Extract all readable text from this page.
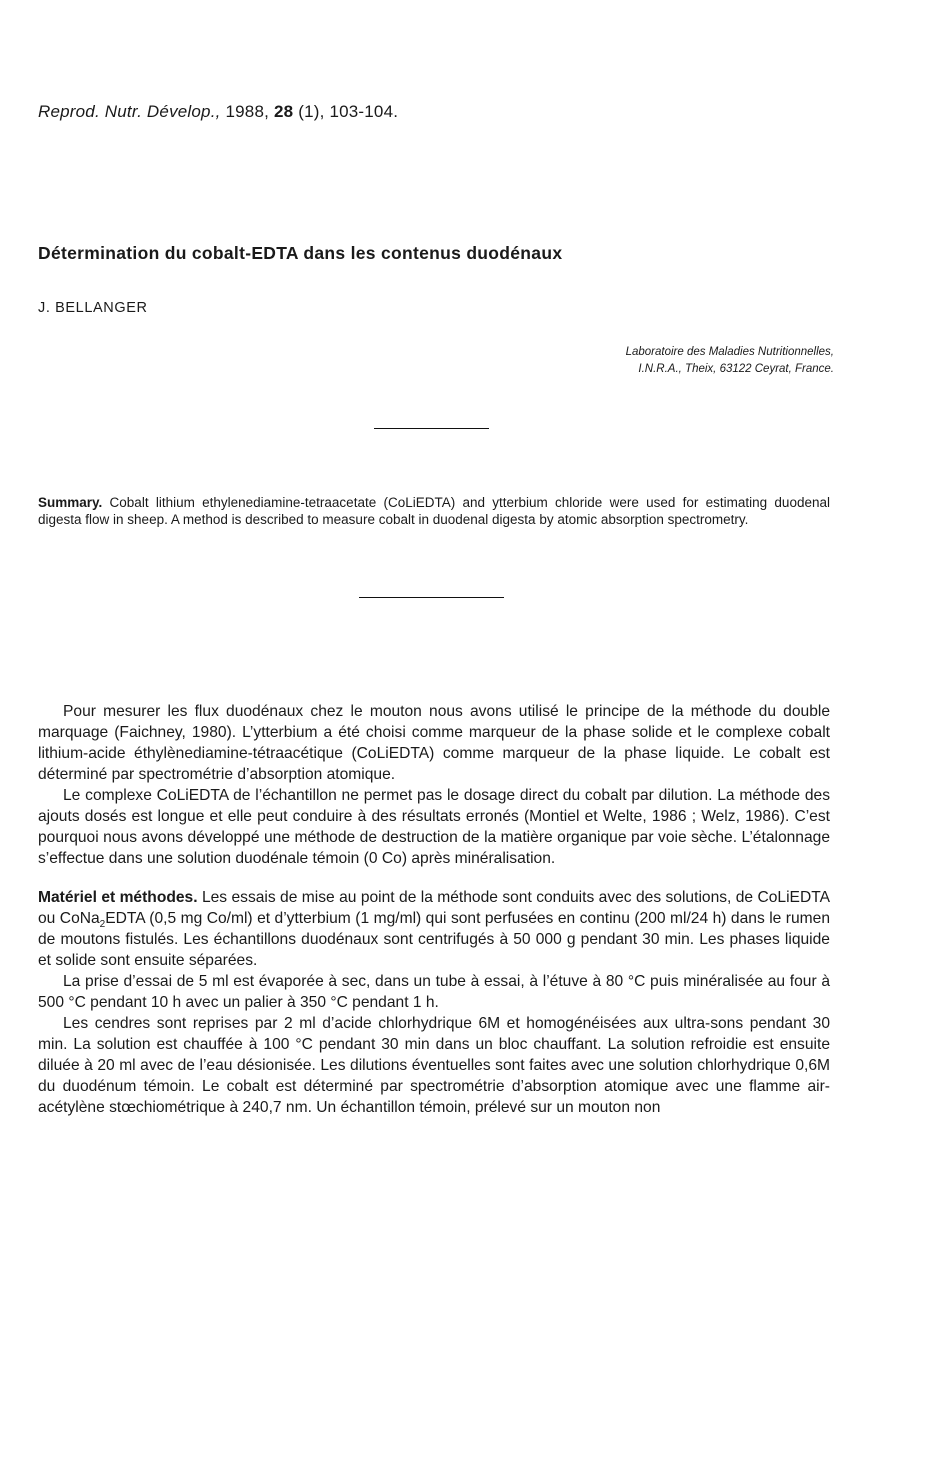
Reprod. Nutr. Dévelop., 1988, 28 (1), 103-104.
Détermination du cobalt-EDTA dans les contenus duodénaux
J. BELLANGER
Laboratoire des Maladies Nutritionnelles,
I.N.R.A., Theix, 63122 Ceyrat, France.
Summary. Cobalt lithium ethylenediamine-tetraacetate (CoLiEDTA) and ytterbium chloride were used for estimating duodenal digesta flow in sheep. A method is described to measure cobalt in duodenal digesta by atomic absorption spectrometry.

Pour mesurer les flux duodénaux chez le mouton nous avons utilisé le principe de la méthode du double marquage (Faichney, 1980). L’ytterbium a été choisi comme marqueur de la phase solide et le complexe cobalt lithium-acide éthylènediamine-tétraacétique (CoLiEDTA) comme marqueur de la phase liquide. Le cobalt est déterminé par spectrométrie d’absorption atomique.

Le complexe CoLiEDTA de l’échantillon ne permet pas le dosage direct du cobalt par dilution. La méthode des ajouts dosés est longue et elle peut conduire à des résultats erronés (Montiel et Welte, 1986 ; Welz, 1986). C’est pourquoi nous avons développé une méthode de destruction de la matière organique par voie sèche. L’étalonnage s’effectue dans une solution duodénale témoin (0 Co) après minéralisation.

Matériel et méthodes. Les essais de mise au point de la méthode sont conduits avec des solutions, de CoLiEDTA ou CoNa$_2$EDTA (0,5 mg Co/ml) et d’ytterbium (1 mg/ml) qui sont perfusées en continu (200 ml/24 h) dans le rumen de moutons fistulés. Les échantillons duodénaux sont centrifugés à 50 000 g pendant 30 min. Les phases liquide et solide sont ensuite séparées.

La prise d’essai de 5 ml est évaporée à sec, dans un tube à essai, à l’étuve à 80 °C puis minéralisée au four à 500 °C pendant 10 h avec un palier à 350 °C pendant 1 h.

Les cendres sont reprises par 2 ml d’acide chlorhydrique 6M et homogénéisées aux ultra-sons pendant 30 min. La solution est chauffée à 100 °C pendant 30 min dans un bloc chauffant. La solution refroidie est ensuite diluée à 20 ml avec de l’eau désionisée. Les dilutions éventuelles sont faites avec une solution chlorhydrique 0,6M du duodénum témoin. Le cobalt est déterminé par spectrométrie d’absorption atomique avec une flamme air-acétylène stœchiométrique à 240,7 nm. Un échantillon témoin, prélevé sur un mouton non
